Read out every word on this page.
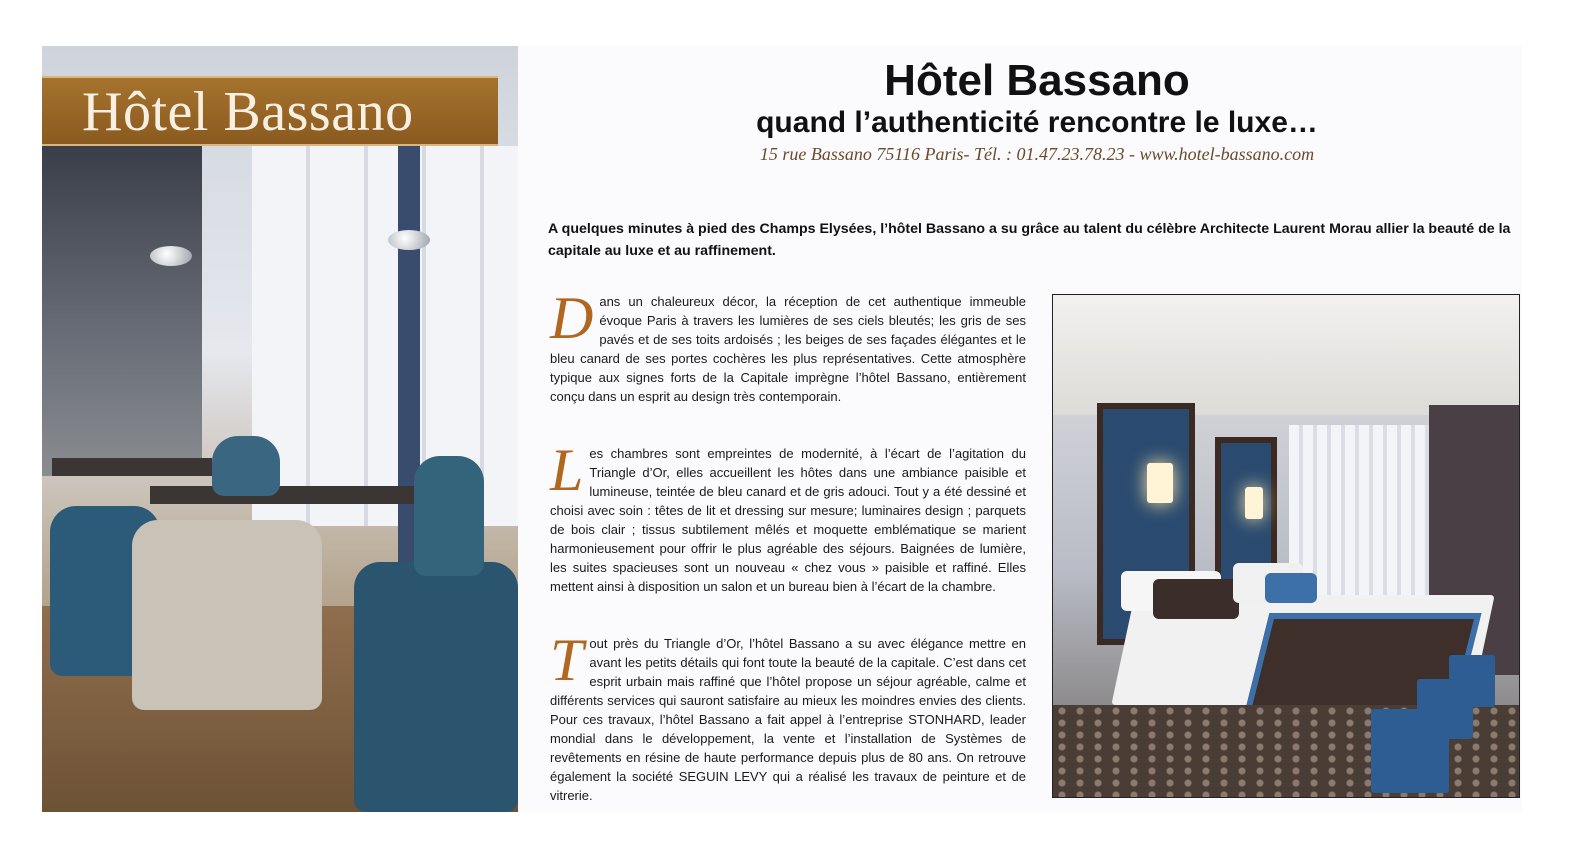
Hôtel Bassano
Hôtel Bassano
quand l’authenticité rencontre le luxe…
15 rue Bassano 75116 Paris- Tél. : 01.47.23.78.23 - www.hotel-bassano.com
A quelques minutes à pied des Champs Elysées, l’hôtel Bassano a su grâce au talent du célèbre Architecte Laurent Morau allier la beauté de la capitale au luxe et au raffinement.
Dans un chaleureux décor, la réception de cet authentique immeuble évoque Paris à travers les lumières de ses ciels bleutés; les gris de ses pavés et de ses toits ardoisés ; les beiges de ses façades élégantes et le bleu canard de ses portes cochères les plus représentatives. Cette atmosphère typique aux signes forts de la Capitale imprègne l’hôtel Bassano, entièrement conçu dans un esprit au design très contemporain.
Les chambres sont empreintes de modernité, à l’écart de l’agitation du Triangle d’Or, elles accueillent les hôtes dans une ambiance paisible et lumineuse, teintée de bleu canard et de gris adouci. Tout y a été dessiné et choisi avec soin : têtes de lit et dressing sur mesure; luminaires design ; parquets de bois clair ; tissus subtilement mêlés et moquette emblématique se marient harmonieusement pour offrir le plus agréable des séjours. Baignées de lumière, les suites spacieuses sont un nouveau « chez vous » paisible et raffiné. Elles mettent ainsi à disposition un salon et un bureau bien à l’écart de la chambre.
Tout près du Triangle d’Or, l’hôtel Bassano a su avec élégance mettre en avant les petits détails qui font toute la beauté de la capitale. C’est dans cet esprit urbain mais raffiné que l’hôtel propose un séjour agréable, calme et différents services qui sauront satisfaire au mieux les moindres envies des clients. Pour ces travaux, l’hôtel Bassano a fait appel à l’entreprise STONHARD, leader mondial dans le développement, la vente et l’installation de Systèmes de revêtements en résine de haute performance depuis plus de 80 ans. On retrouve également la société SEGUIN LEVY qui a réalisé les travaux de peinture et de vitrerie.
